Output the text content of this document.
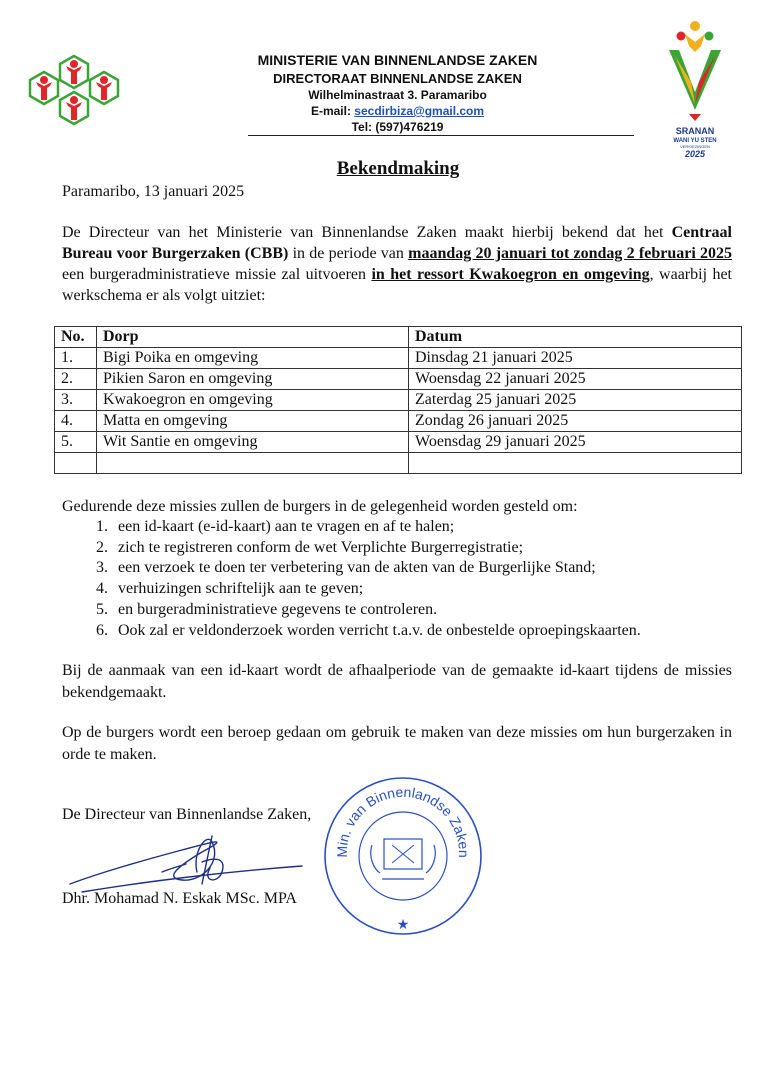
MINISTERIE VAN BINNENLANDSE ZAKEN
DIRECTORAAT BINNENLANDSE ZAKEN
Wilhelminastraat 3. Paramaribo
E-mail: secdirbiza@gmail.com
Tel: (597)476219	SRANAN
WANI YU STEN
VERKIEZINGEN
2025
Bekendmaking
Paramaribo, 13 januari 2025
De Directeur van het Ministerie van Binnenlandse Zaken maakt hierbij bekend dat het Centraal Bureau voor Burgerzaken (CBB) in de periode van maandag 20 januari tot zondag 2 februari 2025 een burgeradministratieve missie zal uitvoeren in het ressort Kwakoegron en omgeving, waarbij het werkschema er als volgt uitziet:
No.	Dorp	Datum
1.	Bigi Poika en omgeving	Dinsdag 21 januari 2025
2.	Pikien Saron en omgeving	Woensdag 22 januari 2025
3.	Kwakoegron en omgeving	Zaterdag 25 januari 2025
4.	Matta en omgeving	Zondag 26 januari 2025
5.	Wit Santie en omgeving	Woensdag 29 januari 2025

Gedurende deze missies zullen de burgers in de gelegenheid worden gesteld om:
1. een id-kaart (e-id-kaart) aan te vragen en af te halen;
2. zich te registreren conform de wet Verplichte Burgerregistratie;
3. een verzoek te doen ter verbetering van de akten van de Burgerlijke Stand;
4. verhuizingen schriftelijk aan te geven;
5. en burgeradministratieve gegevens te controleren.
6. Ook zal er veldonderzoek worden verricht t.a.v. de onbestelde oproepingskaarten.
Bij de aanmaak van een id-kaart wordt de afhaalperiode van de gemaakte id-kaart tijdens de missies bekendgemaakt.
Op de burgers wordt een beroep gedaan om gebruik te maken van deze missies om hun burgerzaken in orde te maken.
De Directeur van Binnenlandse Zaken,
Dhr. Mohamad N. Eskak MSc. MPA
Min. van Binnenlandse Zaken
★
